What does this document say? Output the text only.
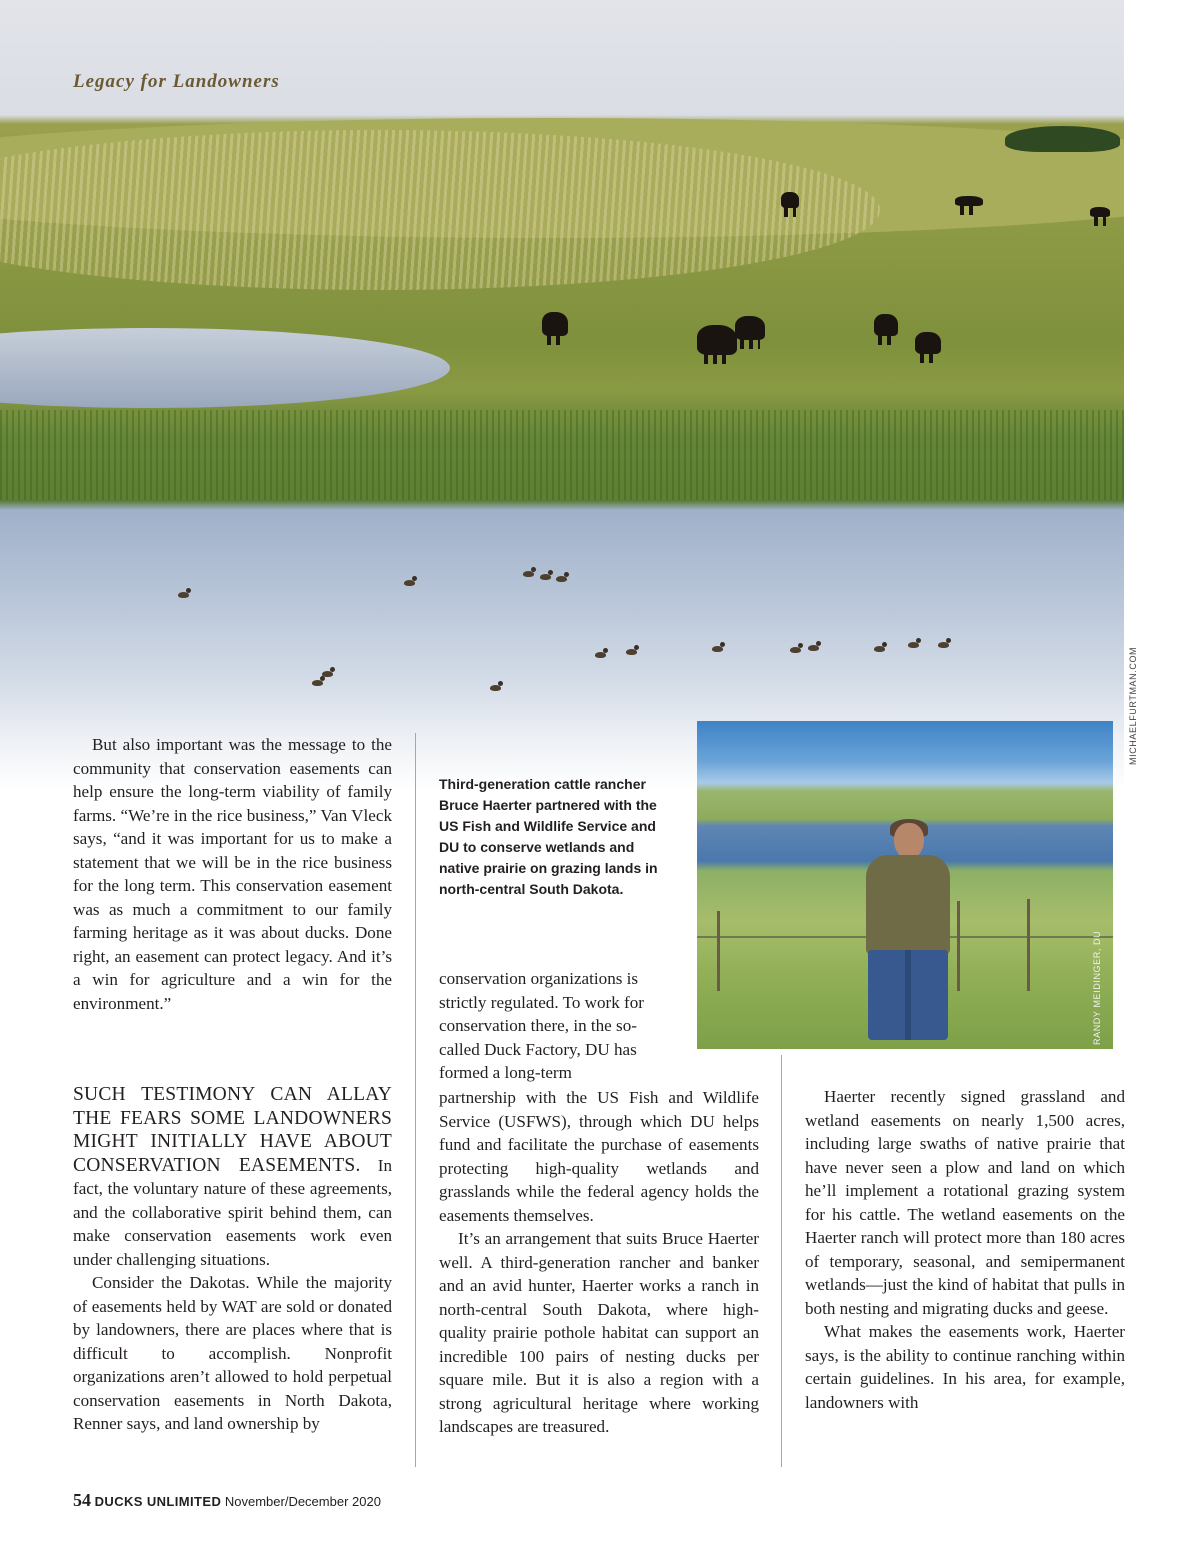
Legacy for Landowners
MICHAELFURTMAN.COM
RANDY MEIDINGER, DU
Third-generation cattle rancher Bruce Haerter partnered with the US Fish and Wildlife Service and DU to conserve wetlands and native prairie on grazing lands in north-central South Dakota.

But also important was the message to the community that conservation easements can help ensure the long-term viability of family farms. “We’re in the rice business,” Van Vleck says, “and it was important for us to make a statement that we will be in the rice business for the long term. This conservation easement was as much a commitment to our family farming heritage as it was about ducks. Done right, an easement can protect legacy. And it’s a win for agriculture and a win for the environment.”

SUCH TESTIMONY CAN ALLAY THE FEARS SOME LANDOWNERS MIGHT INITIALLY HAVE ABOUT CONSERVATION EASEMENTS. In fact, the voluntary nature of these agreements, and the collaborative spirit behind them, can make conservation easements work even under challenging situations.

Consider the Dakotas. While the majority of easements held by WAT are sold or donated by landowners, there are places where that is difficult to accomplish. Nonprofit organizations aren’t allowed to hold perpetual conservation easements in North Dakota, Renner says, and land ownership by

conservation organizations is strictly regulated. To work for conservation there, in the so-called Duck Factory, DU has formed a long-term

partnership with the US Fish and Wildlife Service (USFWS), through which DU helps fund and facilitate the purchase of easements protecting high-quality wetlands and grasslands while the federal agency holds the easements themselves.

It’s an arrangement that suits Bruce Haerter well. A third-generation rancher and banker and an avid hunter, Haerter works a ranch in north-central South Dakota, where high-quality prairie pothole habitat can support an incredible 100 pairs of nesting ducks per square mile. But it is also a region with a strong agricultural heritage where working landscapes are treasured.

Haerter recently signed grassland and wetland easements on nearly 1,500 acres, including large swaths of native prairie that have never seen a plow and land on which he’ll implement a rotational grazing system for his cattle. The wetland easements on the Haerter ranch will protect more than 180 acres of temporary, seasonal, and semipermanent wetlands—just the kind of habitat that pulls in both nesting and migrating ducks and geese.

What makes the easements work, Haerter says, is the ability to continue ranching within certain guidelines. In his area, for example, landowners with

54 DUCKS UNLIMITED November/December 2020
